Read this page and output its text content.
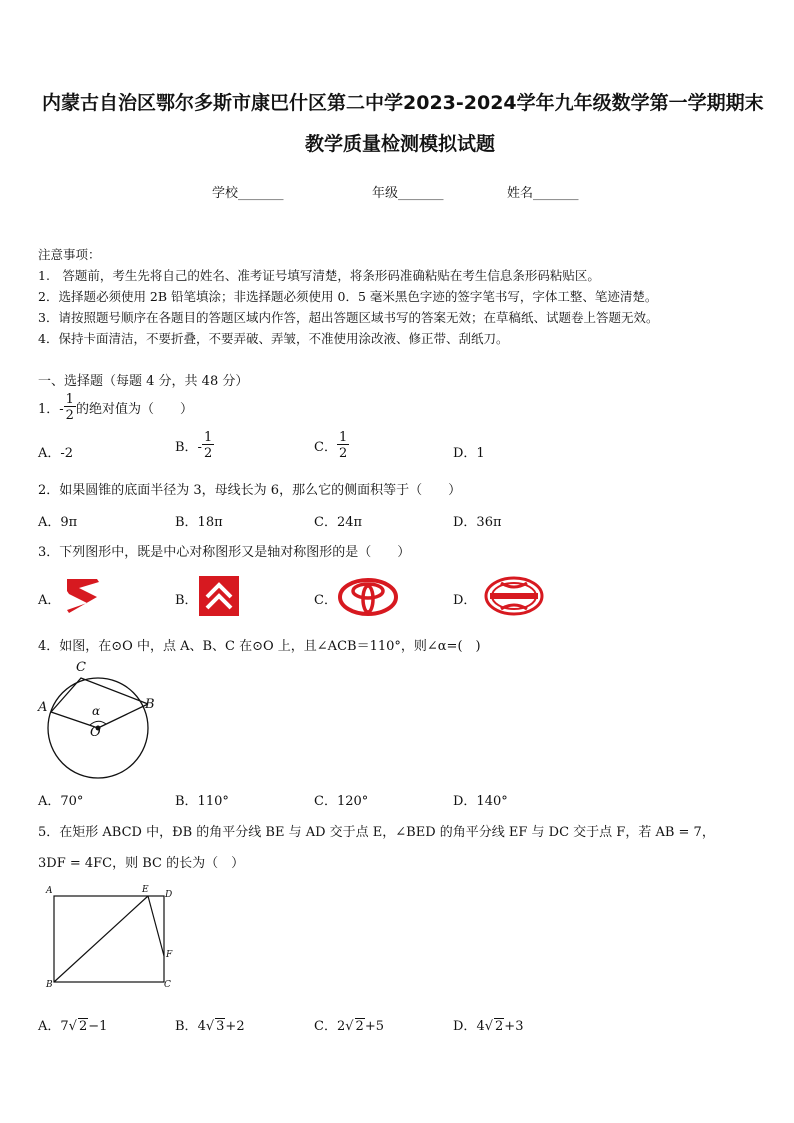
内蒙古自治区鄂尔多斯市康巴什区第二中学2023-2024学年九年级数学第一学期期末
教学质量检测模拟试题
学校_______	年级_______	姓名_______
注意事项：
1.　答题前，考生先将自己的姓名、准考证号填写清楚，将条形码准确粘贴在考生信息条形码粘贴区。
2．选择题必须使用 2B 铅笔填涂；非选择题必须使用 0．5 毫米黑色字迹的签字笔书写，字体工整、笔迹清楚。
3．请按照题号顺序在各题目的答题区域内作答，超出答题区域书写的答案无效；在草稿纸、试题卷上答题无效。
4．保持卡面清洁，不要折叠，不要弄破、弄皱，不准使用涂改液、修正带、刮纸刀。
一、选择题（每题 4 分，共 48 分）
1．- $\frac{1}{2}$ 的绝对值为（　　）
A．-2	B．- $\frac{1}{2}$	C． $\frac{1}{2}$	D．1
2．如果圆锥的底面半径为 3，母线长为 6，那么它的侧面积等于（　　）
A．9π	B．18π	C．24π	D．36π
3．下列图形中，既是中心对称图形又是轴对称图形的是（　　）
A．	B．	C．	D．
4．如图，在⊙O 中，点 A、B、C 在⊙O 上，且∠ACB＝110°，则∠α=(　)
C
A	B
α
O
A．70°	B．110°	C．120°	D．140°
5．在矩形 ABCD 中，ÐB 的角平分线 BE 与 AD 交于点 E，∠BED 的角平分线 EF 与 DC 交于点 F，若 AB = 7，
3DF = 4FC，则 BC 的长为（　）
A	E D
F
B	C
A．7√ 2−1	B．4√ 3+2	C．2√ 2+5	D．4√ 2+3
